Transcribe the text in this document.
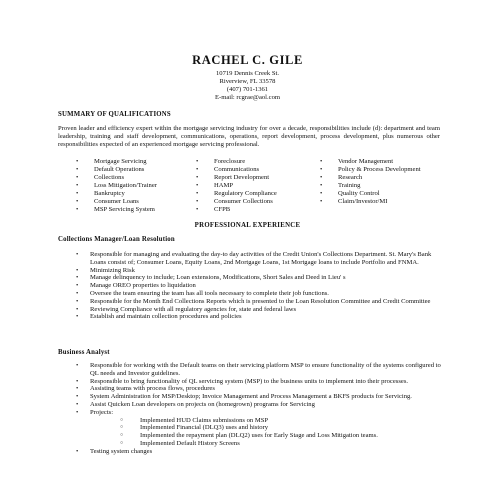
RACHEL C. GILE
10719 Dennis Creek St.
Riverview, FL 33578
(407) 701-1361
E-mail: rcgrae@aol.com
SUMMARY OF QUALIFICATIONS
Proven leader and efficiency expert within the mortgage servicing industry for over a decade, responsibilities include (d): department and team leadership, training and staff development, communications, operations, report development, process development, plus numerous other responsibilities expected of an experienced mortgage servicing professional.
• Mortgage Servicing
• Default Operations
• Collections
• Loss Mitigation/Trainer
• Bankruptcy
• Consumer Loans
• MSP Servicing System
• Foreclosure
• Communications
• Report Development
• HAMP
• Regulatory Compliance
• Consumer Collections
• CFPB
• Vendor Management
• Policy & Process Development
• Research
• Training
• Quality Control
• Claim/Investor/MI
PROFESSIONAL EXPERIENCE
Collections Manager/Loan Resolution
• Responsible for managing and evaluating the day-to day activities of the Credit Union's Collections Department. St. Mary's Bank Loans consist of; Consumer Loans, Equity Loans, 2nd Mortgage Loans, 1st Mortgage loans to include Portfolio and FNMA.
• Minimizing Risk
• Manage delinquency to include; Loan extensions, Modifications, Short Sales and Deed in Lieu' s
• Manage OREO properties to liquidation
• Oversee the team ensuring the team has all tools necessary to complete their job functions.
• Responsible for the Month End Collections Reports which is presented to the Loan Resolution Committee and Credit Committee
• Reviewing Compliance with all regulatory agencies for, state and federal laws
• Establish and maintain collection procedures and policies
Business Analyst
• Responsible for working with the Default teams on their servicing platform MSP to ensure functionality of the systems configured to QL needs and Investor guidelines.
• Responsible to bring functionality of QL servicing system (MSP) to the business units to implement into their processes.
• Assisting teams with process flows, procedures
• System Administration for MSP/Desktop; Invoice Management and Process Management a BKFS products for Servicing.
• Assist Quicken Loan developers on projects on (homegrown) programs for Servicing
• Projects:
○ Implemented HUD Claims submissions on MSP
○ Implemented Financial (DLQ3) uses and history
○ Implemented the repayment plan (DLQ2) uses for Early Stage and Loss Mitigation teams.
○ Implemented Default History Screens
• Testing system changes
